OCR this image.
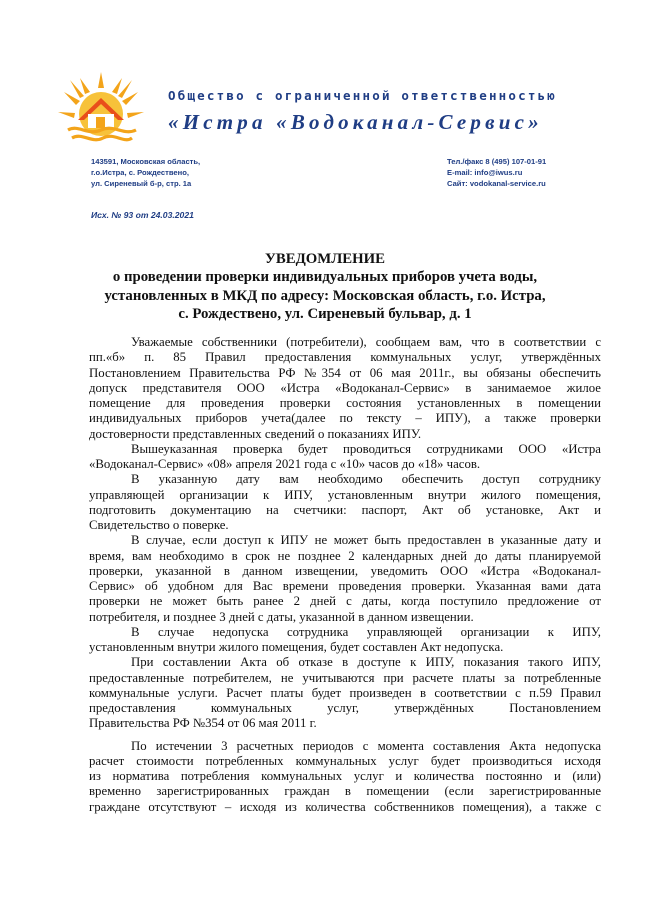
Общество с ограниченной ответственностью
«Истра «Водоканал-Сервис»
143591, Московская область,
г.о.Истра, с. Рождествено,
ул. Сиреневый б-р, стр. 1а
Тел./факс 8 (495) 107-01-91
E-mail: info@iwus.ru
Сайт: vodokanal-service.ru
Исх. № 93 от 24.03.2021
УВЕДОМЛЕНИЕ
о проведении проверки индивидуальных приборов учета воды,
установленных в МКД по адресу: Московская область, г.о. Истра,
с. Рождествено, ул. Сиреневый бульвар, д. 1

Уважаемые собственники (потребители), сообщаем вам, что в соответствии с

пп.«б» п. 85 Правил предоставления коммунальных услуг, утверждённых

Постановлением Правительства РФ №354 от 06 мая 2011г., вы обязаны обеспечить

допуск представителя ООО «Истра «Водоканал-Сервис» в занимаемое жилое

помещение для проведения проверки состояния установленных в помещении

индивидуальных приборов учета(далее по тексту – ИПУ), а также проверки

достоверности представленных сведений о показаниях ИПУ.

Вышеуказанная проверка будет проводиться сотрудниками ООО «Истра

«Водоканал-Сервис» «08» апреля 2021 года с «10» часов до «18» часов.

В указанную дату вам необходимо обеспечить доступ сотруднику

управляющей организации к ИПУ, установленным внутри жилого помещения,

подготовить документацию на счетчики: паспорт, Акт об установке, Акт и

Свидетельство о поверке.

В случае, если доступ к ИПУ не может быть предоставлен в указанные дату и

время, вам необходимо в срок не позднее 2 календарных дней до даты планируемой

проверки, указанной в данном извещении, уведомить ООО «Истра «Водоканал-

Сервис» об удобном для Вас времени проведения проверки. Указанная вами дата

проверки не может быть ранее 2 дней с даты, когда поступило предложение от

потребителя, и позднее 3 дней с даты, указанной в данном извещении.

В случае недопуска сотрудника управляющей организации к ИПУ,

установленным внутри жилого помещения, будет составлен Акт недопуска.

При составлении Акта об отказе в доступе к ИПУ, показания такого ИПУ,

предоставленные потребителем, не учитываются при расчете платы за потребленные

коммунальные услуги. Расчет платы будет произведен в соответствии с п.59 Правил

предоставления коммунальных услуг, утверждённых Постановлением

Правительства РФ №354 от 06 мая 2011 г.

По истечении 3 расчетных периодов с момента составления Акта недопуска

расчет стоимости потребленных коммунальных услуг будет производиться исходя

из норматива потребления коммунальных услуг и количества постоянно и (или)

временно зарегистрированных граждан в помещении (если зарегистрированные

граждане отсутствуют – исходя из количества собственников помещения), а также с
